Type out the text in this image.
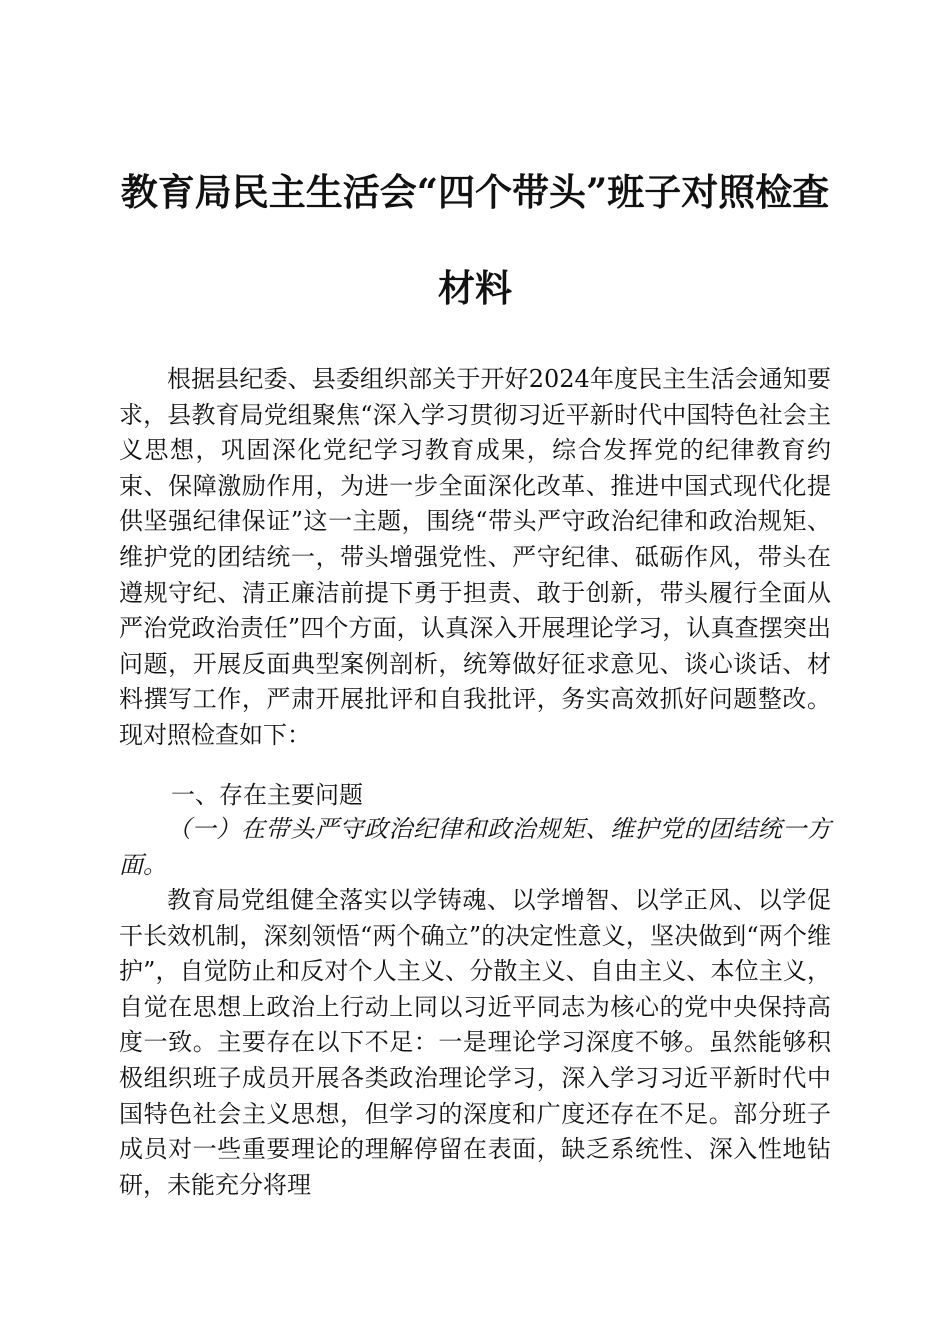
教育局民主生活会“四个带头”班子对照检查
材料

根据县纪委、县委组织部关于开好2024年度民主生活会通知要求，县教育局党组聚焦“深入学习贯彻习近平新时代中国特色社会主义思想，巩固深化党纪学习教育成果，综合发挥党的纪律教育约束、保障激励作用，为进一步全面深化改革、推进中国式现代化提供坚强纪律保证”这一主题，围绕“带头严守政治纪律和政治规矩、维护党的团结统一，带头增强党性、严守纪律、砥砺作风，带头在遵规守纪、清正廉洁前提下勇于担责、敢于创新，带头履行全面从严治党政治责任”四个方面，认真深入开展理论学习，认真查摆突出问题，开展反面典型案例剖析，统筹做好征求意见、谈心谈话、材料撰写工作，严肃开展批评和自我批评，务实高效抓好问题整改。现对照检查如下：

一、存在主要问题

（一）在带头严守政治纪律和政治规矩、维护党的团结统一方面。

教育局党组健全落实以学铸魂、以学增智、以学正风、以学促干长效机制，深刻领悟“两个确立”的决定性意义，坚决做到“两个维护”，自觉防止和反对个人主义、分散主义、自由主义、本位主义，自觉在思想上政治上行动上同以习近平同志为核心的党中央保持高度一致。主要存在以下不足：一是理论学习深度不够。虽然能够积极组织班子成员开展各类政治理论学习，深入学习习近平新时代中国特色社会主义思想，但学习的深度和广度还存在不足。部分班子成员对一些重要理论的理解停留在表面，缺乏系统性、深入性地钻研，未能充分将理
